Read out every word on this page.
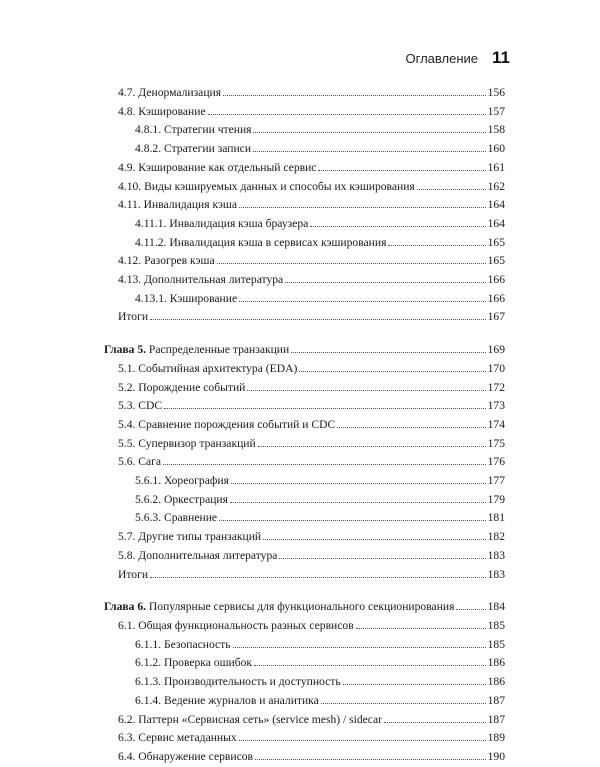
Оглавление 11
4.7. Денормализация	156
4.8. Кэширование	157
4.8.1. Стратегии чтения	158
4.8.2. Стратегии записи	160
4.9. Кэширование как отдельный сервис	161
4.10. Виды кэшируемых данных и способы их кэширования	162
4.11. Инвалидация кэша	164
4.11.1. Инвалидация кэша браузера	164
4.11.2. Инвалидация кэша в сервисах кэширования	165
4.12. Разогрев кэша	165
4.13. Дополнительная литература	166
4.13.1. Кэширование	166
Итоги	167
Глава 5. Распределенные транзакции	169
5.1. Событийная архитектура (EDA)	170
5.2. Порождение событий	172
5.3. CDC	173
5.4. Сравнение порождения событий и CDC	174
5.5. Супервизор транзакций	175
5.6. Сага	176
5.6.1. Хореография	177
5.6.2. Оркестрация	179
5.6.3. Сравнение	181
5.7. Другие типы транзакций	182
5.8. Дополнительная литература	183
Итоги	183
Глава 6. Популярные сервисы для функционального секционирования	184
6.1. Общая функциональность разных сервисов	185
6.1.1. Безопасность	185
6.1.2. Проверка ошибок	186
6.1.3. Производительность и доступность	186
6.1.4. Ведение журналов и аналитика	187
6.2. Паттерн «Сервисная сеть» (service mesh) / sidecar	187
6.3. Сервис метаданных	189
6.4. Обнаружение сервисов	190
